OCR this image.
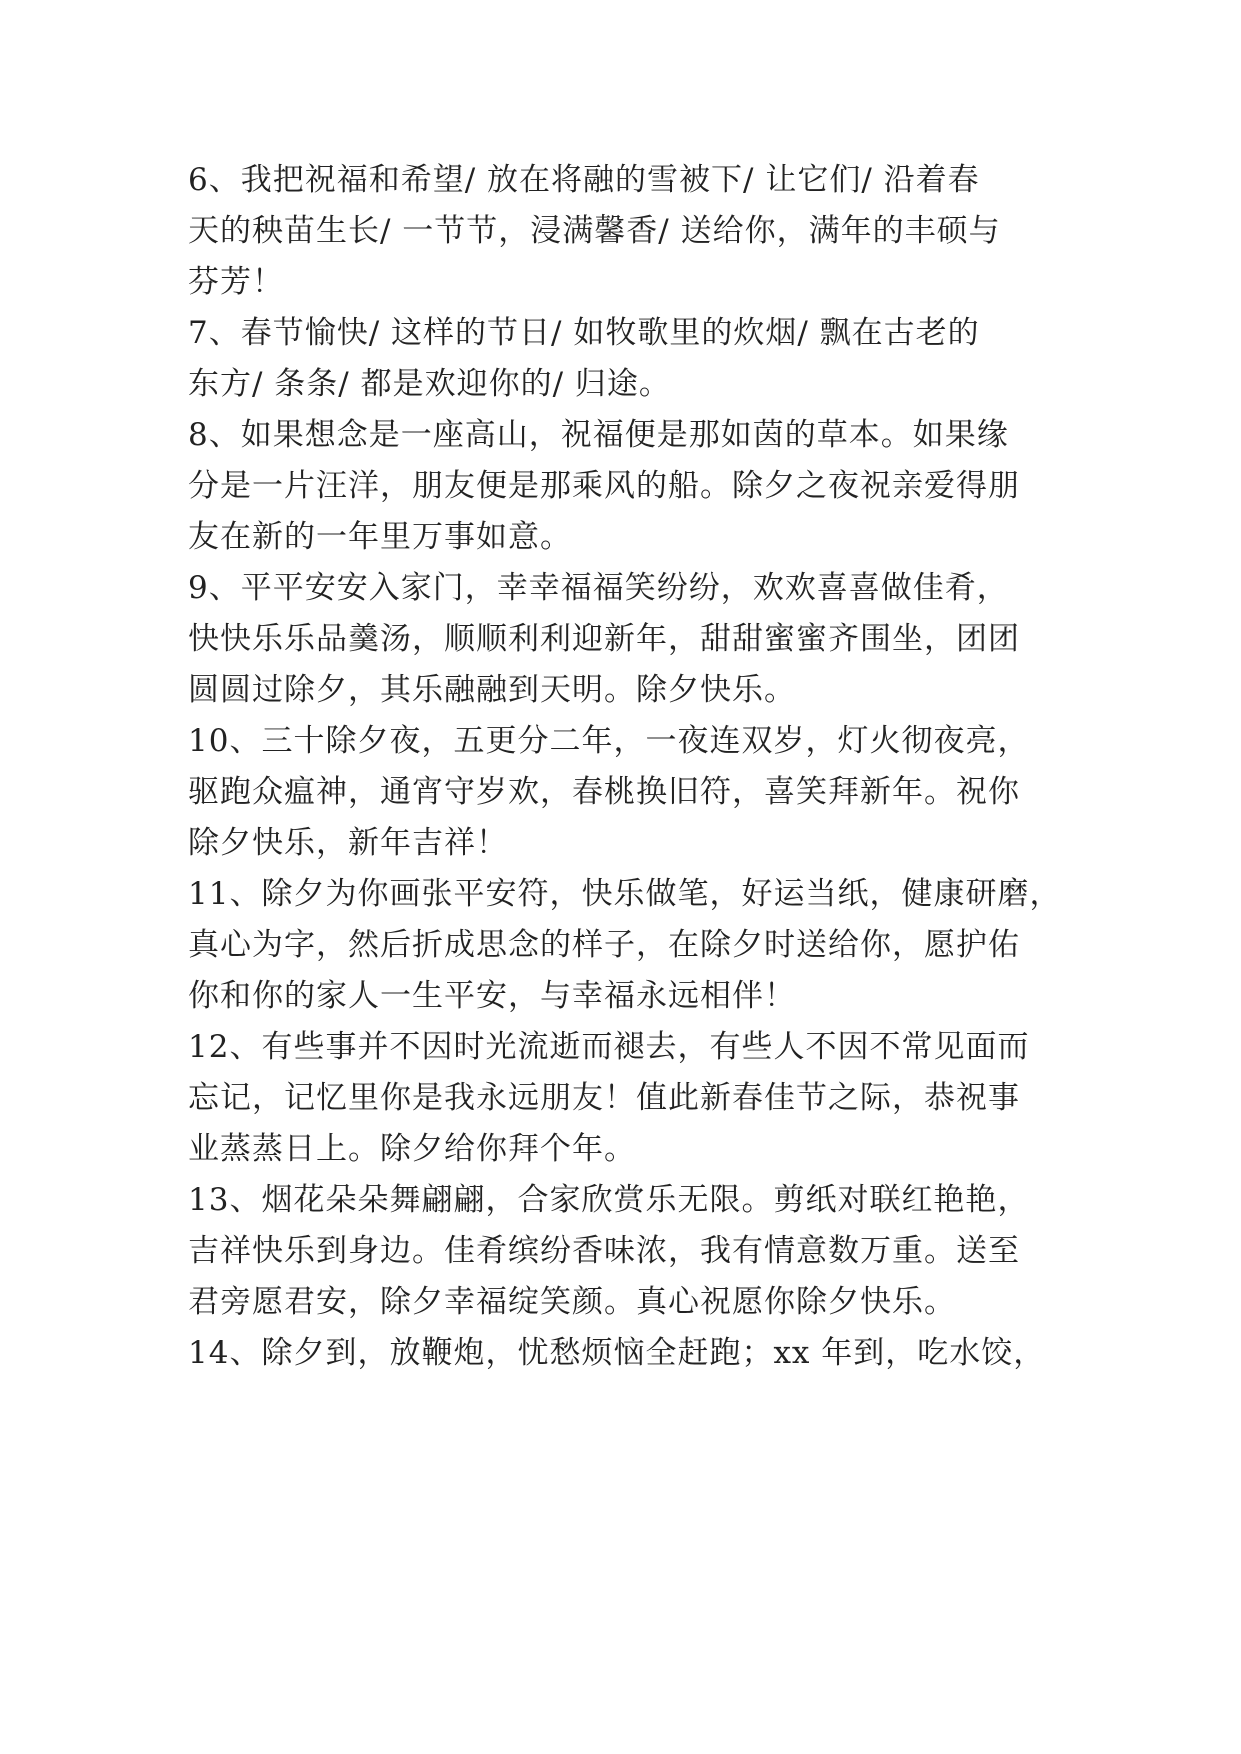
6、我把祝福和希望/ 放在将融的雪被下/ 让它们/ 沿着春
天的秧苗生长/ 一节节，浸满馨香/ 送给你，满年的丰硕与
芬芳！
7、春节愉快/ 这样的节日/ 如牧歌里的炊烟/ 飘在古老的
东方/ 条条/ 都是欢迎你的/ 归途。
8、如果想念是一座高山，祝福便是那如茵的草本。如果缘
分是一片汪洋，朋友便是那乘风的船。除夕之夜祝亲爱得朋
友在新的一年里万事如意。
9、平平安安入家门，幸幸福福笑纷纷，欢欢喜喜做佳肴，
快快乐乐品羹汤，顺顺利利迎新年，甜甜蜜蜜齐围坐，团团
圆圆过除夕，其乐融融到天明。除夕快乐。
10、三十除夕夜，五更分二年，一夜连双岁，灯火彻夜亮，
驱跑众瘟神，通宵守岁欢，春桃换旧符，喜笑拜新年。祝你
除夕快乐，新年吉祥！
11、除夕为你画张平安符，快乐做笔，好运当纸，健康研磨，
真心为字，然后折成思念的样子，在除夕时送给你，愿护佑
你和你的家人一生平安，与幸福永远相伴！
12、有些事并不因时光流逝而褪去，有些人不因不常见面而
忘记，记忆里你是我永远朋友！值此新春佳节之际，恭祝事
业蒸蒸日上。除夕给你拜个年。
13、烟花朵朵舞翩翩，合家欣赏乐无限。剪纸对联红艳艳，
吉祥快乐到身边。佳肴缤纷香味浓，我有情意数万重。送至
君旁愿君安，除夕幸福绽笑颜。真心祝愿你除夕快乐。
14、除夕到，放鞭炮，忧愁烦恼全赶跑；xx 年到，吃水饺，
